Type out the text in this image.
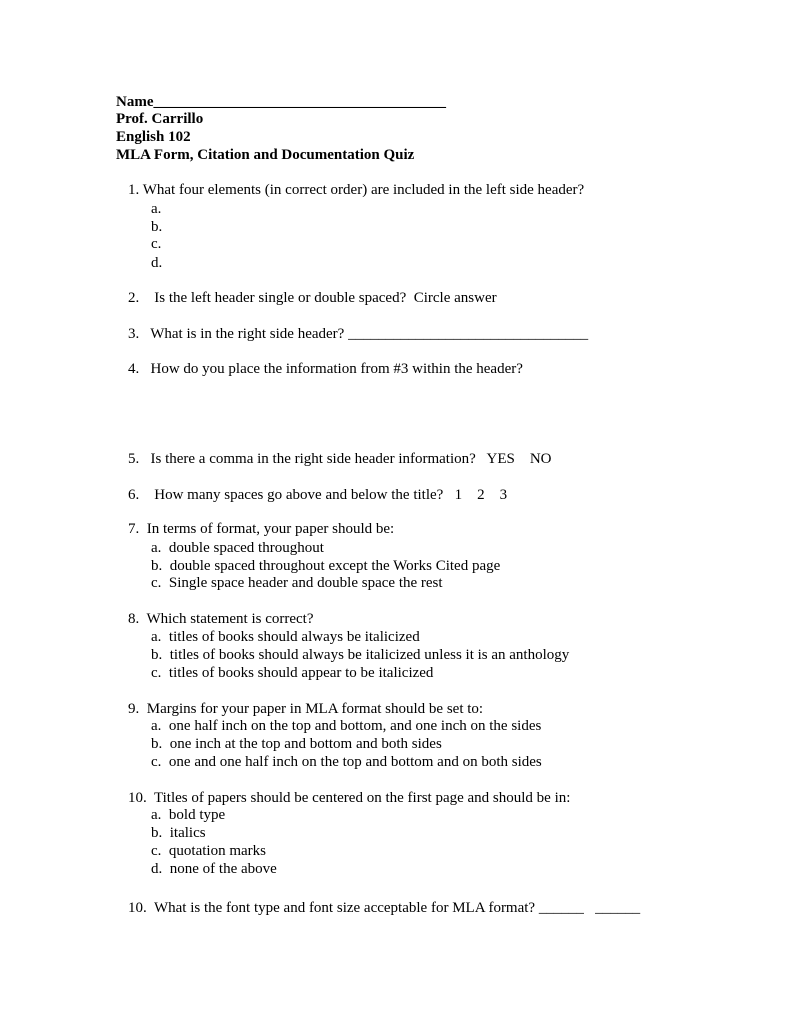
Name_______________________________________
Prof. Carrillo
English 102
MLA Form, Citation and Documentation Quiz
1. What four elements (in correct order) are included in the left side header?
a.
b.
c.
d.
2.    Is the left header single or double spaced?  Circle answer
3.   What is in the right side header? ________________________________
4.   How do you place the information from #3 within the header?
5.   Is there a comma in the right side header information?   YES    NO
6.    How many spaces go above and below the title?   1    2    3
7.  In terms of format, your paper should be:
a.  double spaced throughout
b.  double spaced throughout except the Works Cited page
c.  Single space header and double space the rest
8.  Which statement is correct?
a.  titles of books should always be italicized
b.  titles of books should always be italicized unless it is an anthology
c.  titles of books should appear to be italicized
9.  Margins for your paper in MLA format should be set to:
a.  one half inch on the top and bottom, and one inch on the sides
b.  one inch at the top and bottom and both sides
c.  one and one half inch on the top and bottom and on both sides
10.  Titles of papers should be centered on the first page and should be in:
a.  bold type
b.  italics
c.  quotation marks
d.  none of the above
10.  What is the font type and font size acceptable for MLA format? ______   ______
